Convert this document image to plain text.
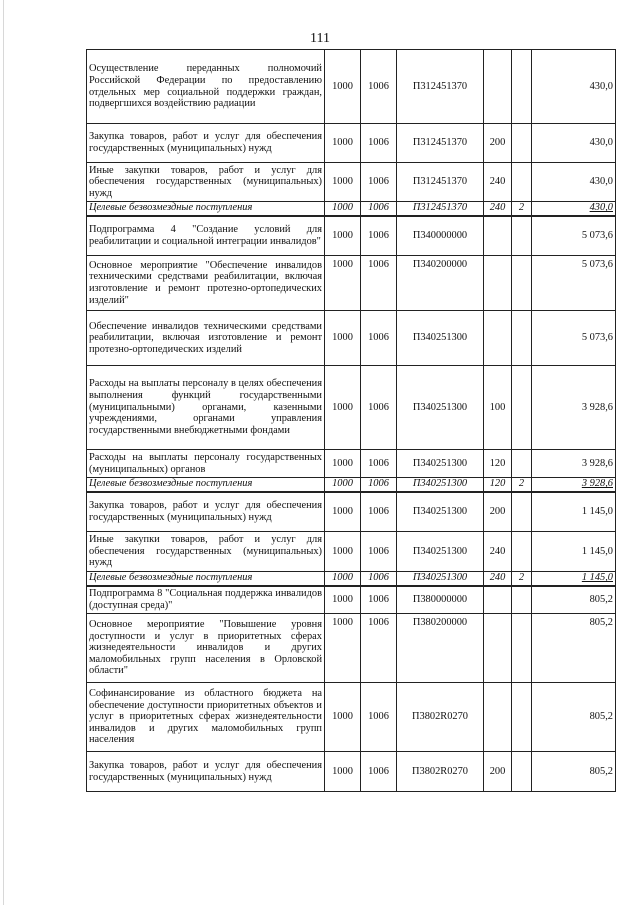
111
Осуществление переданных полномочий Российской Федерации по предоставлению отдельных мер социальной поддержки граждан, подвергшихся воздействию радиации	1000	1006	П312451370			430,0
Закупка товаров, работ и услуг для обеспечения государственных (муниципальных) нужд	1000	1006	П312451370	200		430,0
Иные закупки товаров, работ и услуг для обеспечения государственных (муниципальных) нужд	1000	1006	П312451370	240		430,0
Целевые безвозмездные поступления	1000	1006	П312451370	240	2	430,0
Подпрограмма 4 "Создание условий для реабилитации и социальной интеграции инвалидов"	1000	1006	П340000000			5 073,6
Основное мероприятие "Обеспечение инвалидов техническими средствами реабилитации, включая изготовление и ремонт протезно-ортопедических изделий"	1000	1006	П340200000			5 073,6
Обеспечение инвалидов техническими средствами реабилитации, включая изготовление и ремонт протезно-ортопедических изделий	1000	1006	П340251300			5 073,6
Расходы на выплаты персоналу в целях обеспечения выполнения функций государственными (муниципальными) органами, казенными учреждениями, органами управления государственными внебюджетными фондами	1000	1006	П340251300	100		3 928,6
Расходы на выплаты персоналу государственных (муниципальных) органов	1000	1006	П340251300	120		3 928,6
Целевые безвозмездные поступления	1000	1006	П340251300	120	2	3 928,6
Закупка товаров, работ и услуг для обеспечения государственных (муниципальных) нужд	1000	1006	П340251300	200		1 145,0
Иные закупки товаров, работ и услуг для обеспечения государственных (муниципальных) нужд	1000	1006	П340251300	240		1 145,0
Целевые безвозмездные поступления	1000	1006	П340251300	240	2	1 145,0
Подпрограмма 8 "Социальная поддержка инвалидов (доступная среда)"	1000	1006	П380000000			805,2
Основное мероприятие "Повышение уровня доступности и услуг в приоритетных сферах жизнедеятельности инвалидов и других маломобильных групп населения в Орловской области"	1000	1006	П380200000			805,2
Софинансирование из областного бюджета на обеспечение доступности приоритетных объектов и услуг в приоритетных сферах жизнедеятельности инвалидов и других маломобильных групп населения	1000	1006	П3802R0270			805,2
Закупка товаров, работ и услуг для обеспечения государственных (муниципальных) нужд	1000	1006	П3802R0270	200		805,2
